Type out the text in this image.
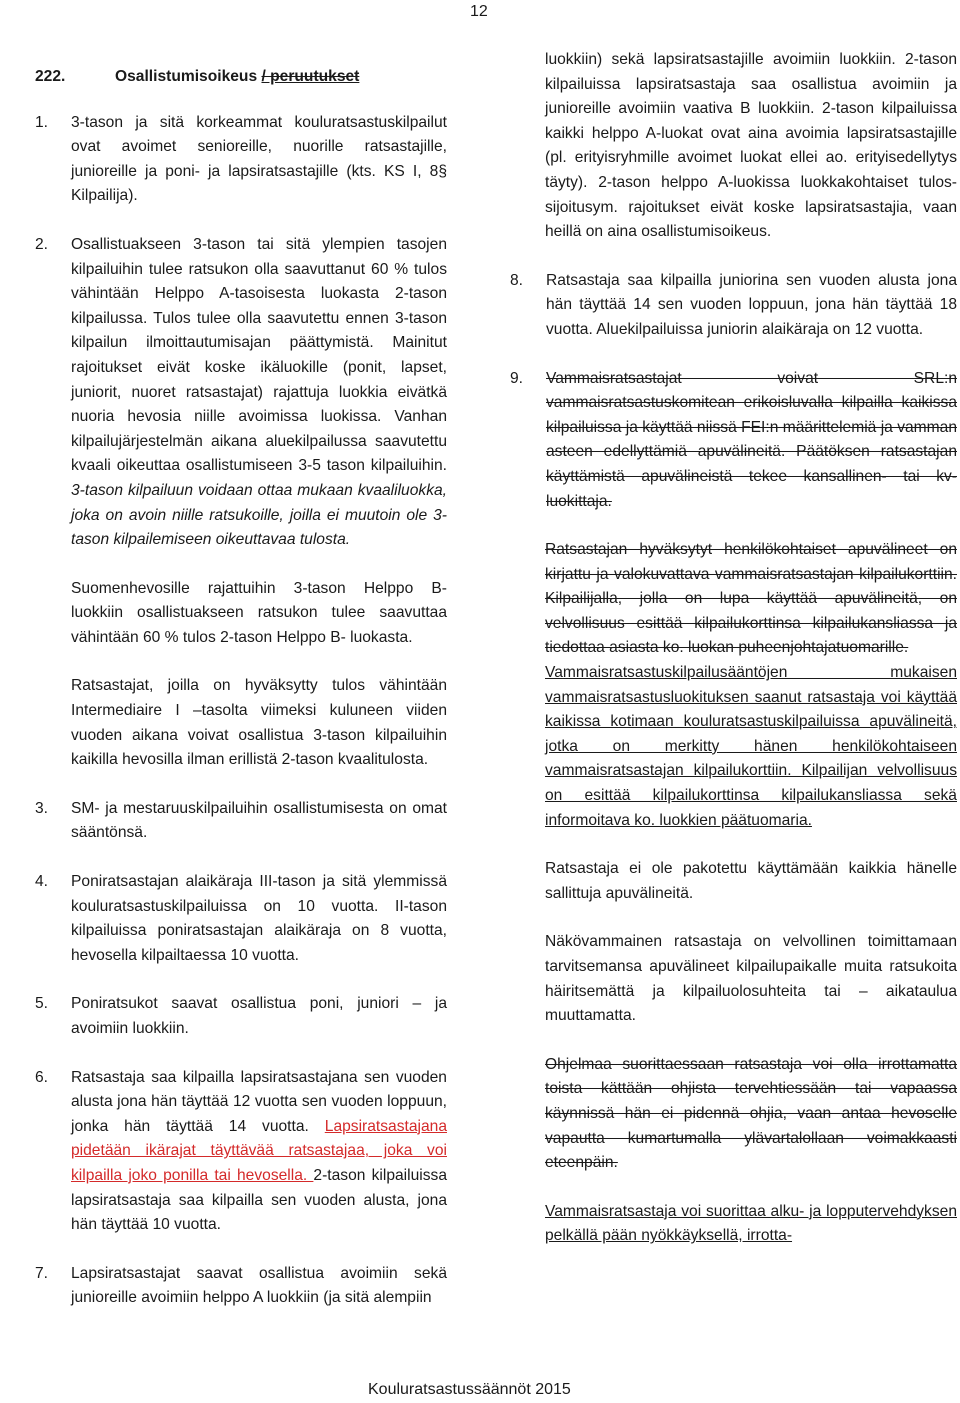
12

222.	Osallistumisoikeus / peruutukset

1.	3-tason ja sitä korkeammat kouluratsastuskilpailut ovat avoimet senioreille, nuorille ratsastajille, junioreille ja poni- ja lapsiratsastajille (kts. KS I, 8§ Kilpailija).
2.	Osallistuakseen 3-tason tai sitä ylempien tasojen kilpailuihin tulee ratsukon olla saavuttanut 60 % tulos vähintään Helppo A-tasoisesta luokasta 2-tason kilpailussa. Tulos tulee olla saavutettu ennen 3-tason kilpailun ilmoittautumisajan päättymistä. Mainitut rajoitukset eivät koske ikäluokille (ponit, lapset, juniorit, nuoret ratsastajat) rajattuja luokkia eivätkä nuoria hevosia niille avoimissa luokissa. Vanhan kilpailujärjestelmän aikana aluekilpailussa saavutettu kvaali oikeuttaa osallistumiseen 3-5 tason kilpailuihin. 3-tason kilpailuun voidaan ottaa mukaan kvaaliluokka, joka on avoin niille ratsukoille, joilla ei muutoin ole 3-tason kilpailemiseen oikeuttavaa tulosta.

Suomenhevosille rajattuihin 3-tason Helppo B- luokkiin osallistuakseen ratsukon tulee saavuttaa vähintään 60 % tulos 2-tason Helppo B- luokasta.

Ratsastajat, joilla on hyväksytty tulos vähintään Intermediaire I –tasolta viimeksi kuluneen viiden vuoden aikana voivat osallistua 3-tason kilpailuihin kaikilla hevosilla ilman erillistä 2-tason kvaalitulosta.

3.	SM- ja mestaruuskilpailuihin osallistumisesta on omat sääntönsä.
4.	Poniratsastajan alaikäraja III-tason ja sitä ylemmissä kouluratsastuskilpailuissa on 10 vuotta. II-tason kilpailuissa poniratsastajan alaikäraja on 8 vuotta, hevosella kilpailtaessa 10 vuotta.
5.	Poniratsukot saavat osallistua poni, juniori – ja avoimiin luokkiin.
6.	Ratsastaja saa kilpailla lapsiratsastajana sen vuoden alusta jona hän täyttää 12 vuotta sen vuoden loppuun, jonka hän täyttää 14 vuotta. Lapsiratsastajana pidetään ikärajat täyttävää ratsastajaa, joka voi kilpailla joko ponilla tai hevosella. 2-tason kilpailuissa lapsiratsastaja saa kilpailla sen vuoden alusta, jona hän täyttää 10 vuotta.
7.	Lapsiratsastajat saavat osallistua avoimiin sekä junioreille avoimiin helppo A luokkiin (ja sitä alempiin

luokkiin) sekä lapsiratsastajille avoimiin luokkiin. 2-tason kilpailuissa lapsiratsastaja saa osallistua avoimiin ja junioreille avoimiin vaativa B luokkiin. 2-tason kilpailuissa kaikki helppo A-luokat ovat aina avoimia lapsiratsastajille (pl. erityisryhmille avoimet luokat ellei ao. erityisedellytys täyty). 2-tason helppo A-luokissa luokkakohtaiset tulos- sijoitusym. rajoitukset eivät koske lapsiratsastajia, vaan heillä on aina osallistumisoikeus.

8.	Ratsastaja saa kilpailla juniorina sen vuoden alusta jona hän täyttää 14 sen vuoden loppuun, jona hän täyttää 18 vuotta. Aluekilpailuissa juniorin alaikäraja on 12 vuotta.
9.	Vammaisratsastajat voivat SRL:n vammaisratsastuskomitean erikoisluvalla kilpailla kaikissa kilpailuissa ja käyttää niissä FEI:n määrittelemiä ja vamman asteen edellyttämiä apuvälineitä. Päätöksen ratsastajan käyttämistä apuvälineistä tekee kansallinen- tai kv-luokittaja.

Ratsastajan hyväksytyt henkilökohtaiset apuvälineet on kirjattu ja valokuvattava vammaisratsastajan kilpailukorttiin. Kilpailijalla, jolla on lupa käyttää apuvälineitä, on velvollisuus esittää kilpailukorttinsa kilpailukansliassa ja tiedottaa asiasta ko. luokan puheenjohtajatuomarille.

Vammaisratsastuskilpailusääntöjen mukaisen vammaisratsastusluokituksen saanut ratsastaja voi käyttää kaikissa kotimaan kouluratsastuskilpailuissa apuvälineitä, jotka on merkitty hänen henkilökohtaiseen vammaisratsastajan kilpailukorttiin. Kilpailijan velvollisuus on esittää kilpailukorttinsa kilpailukansliassa sekä informoitava ko. luokkien päätuomaria.

Ratsastaja ei ole pakotettu käyttämään kaikkia hänelle sallittuja apuvälineitä.

Näkövammainen ratsastaja on velvollinen toimittamaan tarvitsemansa apuvälineet kilpailupaikalle muita ratsukoita häiritsemättä ja kilpailuolosuhteita tai – aikataulua muuttamatta.

Ohjelmaa suorittaessaan ratsastaja voi olla irrottamatta toista kättään ohjista tervehtiessään tai vapaassa käynnissä hän ei pidennä ohjia, vaan antaa hevoselle vapautta kumartumalla ylävartalollaan voimakkaasti eteenpäin.

Vammaisratsastaja voi suorittaa alku- ja lopputervehdyksen pelkällä pään nyökkäyksellä, irrotta-

Kouluratsastussäännöt 2015
